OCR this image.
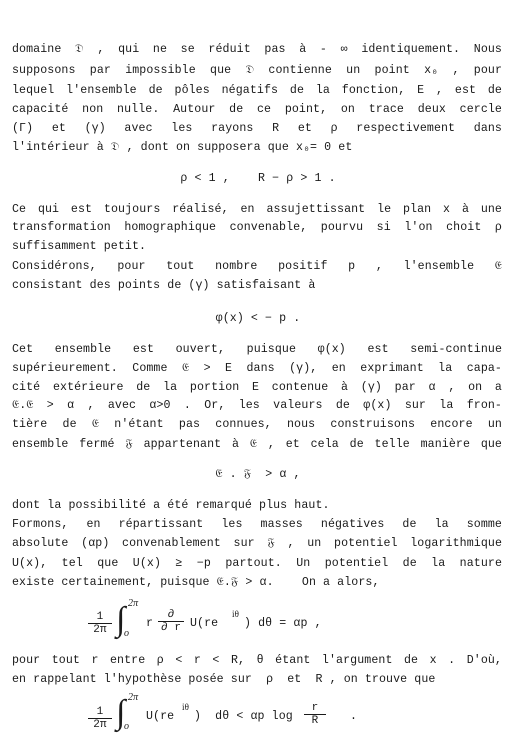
domaine 𝔇 , qui ne se réduit pas à - ∞ identiquement. Nous
supposons par impossible que 𝔇 contienne un point x₀ , pour
lequel l'ensemble de pôles négatifs de la fonction, E , est de
capacité non nulle. Autour de ce point, on trace deux cercle
(Γ) et (γ) avec les rayons R et ρ respectivement dans
l'intérieur à 𝔇 , dont on supposera que x₀= 0 et
ρ < 1 ,    R − ρ > 1 .
Ce qui est toujours réalisé, en assujettissant le plan x à une
transformation homographique convenable, pourvu si l'on choit ρ
suffisamment petit.
Considérons, pour tout nombre positif p , l'ensemble 𝔈
consistant des points de (γ) satisfaisant à
φ(x) < − p .
Cet ensemble est ouvert, puisque φ(x) est semi-continue
supérieurement. Comme 𝔈 > E dans (γ), en exprimant la capa-
cité extérieure de la portion E contenue à (γ) par α , on a
𝔈.𝔈 > α , avec α>0 . Or, les valeurs de φ(x) sur la fron-
tière de 𝔈 n'étant pas connues, nous construisons encore un
ensemble fermé 𝔉 appartenant à 𝔈 , et cela de telle manière que
𝔈 . 𝔉  > α ,
dont la possibilité a été remarqué plus haut.
Formons, en répartissant les masses négatives de la somme
absolute (αp) convenablement sur 𝔉 , un potentiel logarithmique
U(x), tel que U(x) ≥ −p partout. Un potentiel de la nature
existe certainement, puisque 𝔈.𝔉 > α.    On a alors,
$\frac{1}{2\pi}$ ∫ 2π
o
r
∂
∂ r U(re
iθ
) dθ = αp ,
pour tout r entre ρ < r < R, θ étant l'argument de x . D'où,
en rappelant l'hypothèse posée sur  ρ  et  R , on trouve que
$\frac{1}{2\pi}$ ∫ 2π
o
U(re
iθ
)  dθ < αp $\log \frac{r}{R}$ .
